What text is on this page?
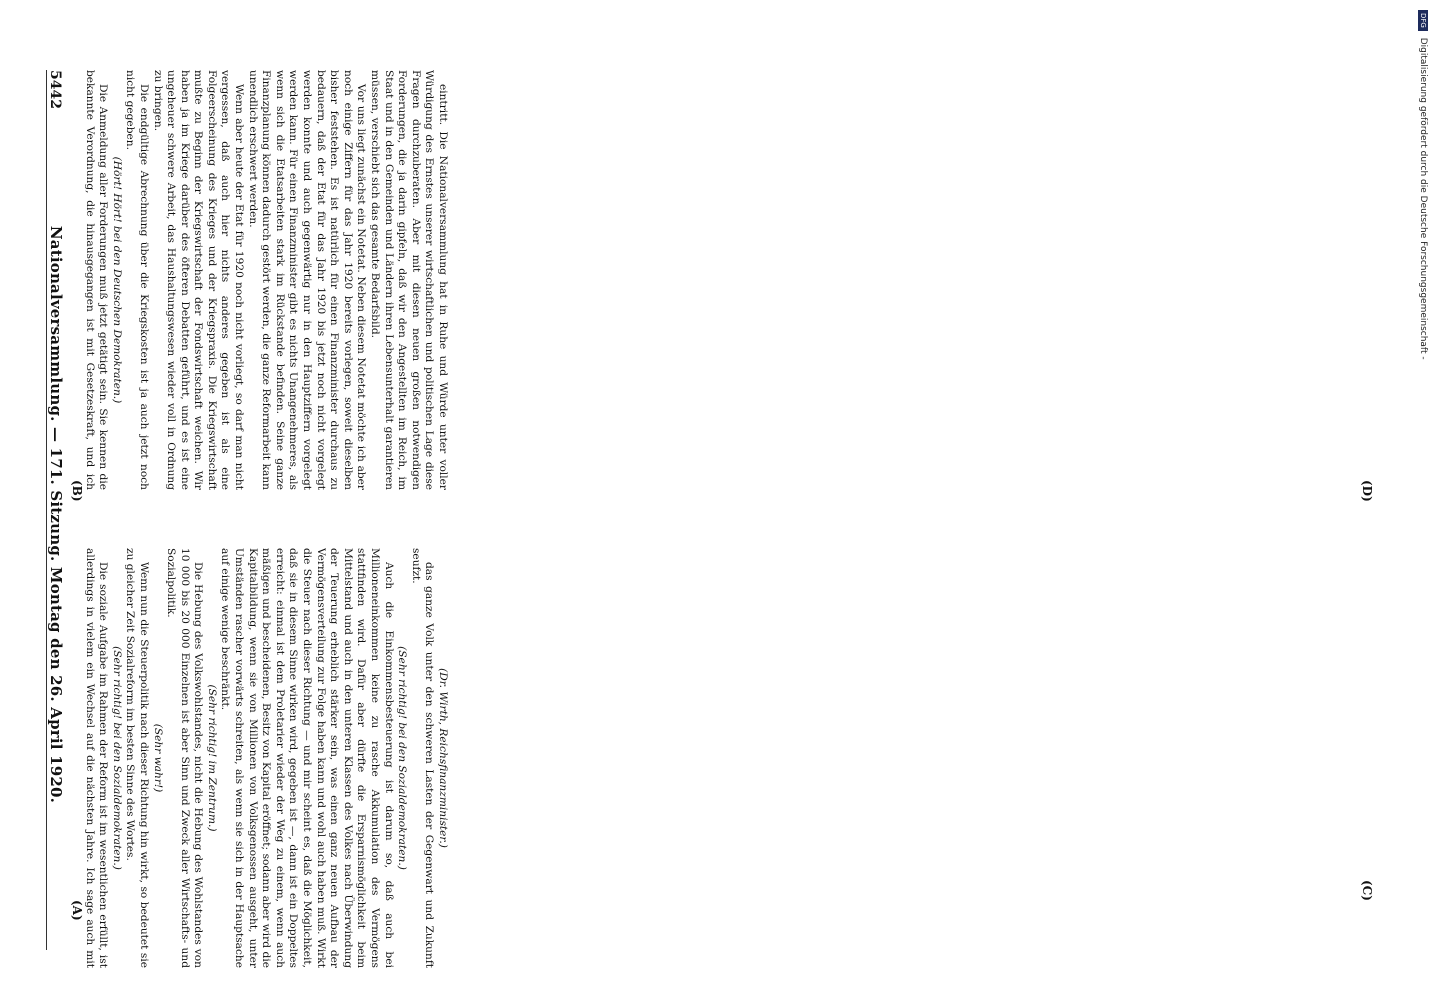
5442
Nationalversammlung. — 171. Sitzung. Montag den 26. April 1920.	(Dr. Wirth, Reichsfinanzminister.)

das ganze Volk unter den schweren Lasten der Gegenwart und Zukunft seufzt.

(Sehr richtig! bei den Sozialdemokraten.)

Auch die Einkommensbesteuerung ist darum so, daß auch bei Millioneneinkommen keine zu rasche Akkumulation des Vermögens stattfinden wird. Dafür aber dürfte die Ersparnismöglichkeit beim Mittelstand und auch in den unteren Klassen des Volkes nach Überwindung der Teuerung erheblich stärker sein, was einen ganz neuen Aufbau der Vermögensverteilung zur Folge haben kann und wohl auch haben muß. Wirkt die Steuer nach dieser Richtung — und mir scheint es, daß die Möglichkeit, daß sie in diesem Sinne wirken wird, gegeben ist —, dann ist ein Doppeltes erreicht: einmal ist dem Proletarier wieder der Weg zu einem, wenn auch mäßigen und bescheidenen, Besitz von Kapital eröffnet; sodann aber wird die Kapitalbildung, wenn sie von Millionen von Volksgenossen ausgeht, unter Umständen rascher vorwärts schreiten, als wenn sie sich in der Hauptsache auf einige wenige beschränkt.

(Sehr richtig! im Zentrum.)

Die Hebung des Volkswohlstandes, nicht die Hebung des Wohlstandes von 10 000 bis 20 000 Einzelnen ist aber Sinn und Zweck aller Wirtschafts- und Sozialpolitik.

(Sehr wahr!)

Wenn nun die Steuerpolitik nach dieser Richtung hin wirkt, so bedeutet sie zu gleicher Zeit Sozialreform im besten Sinne des Wortes.

(Sehr richtig! bei den Sozialdemokraten.)

Die soziale Aufgabe im Rahmen der Reform ist im wesentlichen erfüllt, ist allerdings in vielem ein Wechsel auf die nächsten Jahre. Ich sage auch mit

eintritt. Die Nationalversammlung hat in Ruhe und Würde unter voller Würdigung des Ernstes unserer wirtschaftlichen und politischen Lage diese Fragen durchzuberaten. Aber mit diesen neuen großen notwendigen Forderungen, die ja darin gipfeln, daß wir den Angestellten im Reich, im Staat und in den Gemeinden und Ländern ihren Lebensunterhalt garantieren müssen, verschiebt sich das gesamte Bedarfsbild.

Vor uns liegt zunächst ein Notetat. Neben diesem Notetat möchte ich aber noch einige Ziffern für das Jahr 1920 bereits vorlegen, soweit dieselben bisher feststehen. Es ist natürlich für einen Finanzminister durchaus zu bedauern, daß der Etat für das Jahr 1920 bis jetzt noch nicht vorgelegt werden konnte und auch gegenwärtig nur in den Hauptziffern vorgelegt werden kann. Für einen Finanzminister gibt es nichts Unangenehmeres, als wenn sich die Etatsarbeiten stark im Rückstande befinden. Seine ganze Finanzplanung können dadurch gestört werden, die ganze Reformarbeit kann unendlich erschwert werden.

Wenn aber heute der Etat für 1920 noch nicht vorliegt, so darf man nicht vergessen, daß auch hier nichts anderes gegeben ist als eine Folgeerscheinung des Krieges und der Kriegspraxis. Die Kriegswirtschaft mußte zu Beginn der Kriegswirtschaft der Fondswirtschaft weichen. Wir haben ja im Kriege darüber des öfteren Debatten geführt, und es ist eine ungeheuer schwere Arbeit, das Haushaltungswesen wieder voll in Ordnung zu bringen.

Die endgültige Abrechnung über die Kriegskosten ist ja auch jetzt noch nicht gegeben.

(Hört! Hört! bei den Deutschen Demokraten.)

Die Anmeldung aller Forderungen muß jetzt getätigt sein. Sie kennen die bekannte Verordnung, die hinausgegangen ist mit Gesetzeskraft, und ich

(A)
(B)
(C)
(D)
DFG Digitalisierung gefördert durch die Deutsche Forschungsgemeinschaft -
